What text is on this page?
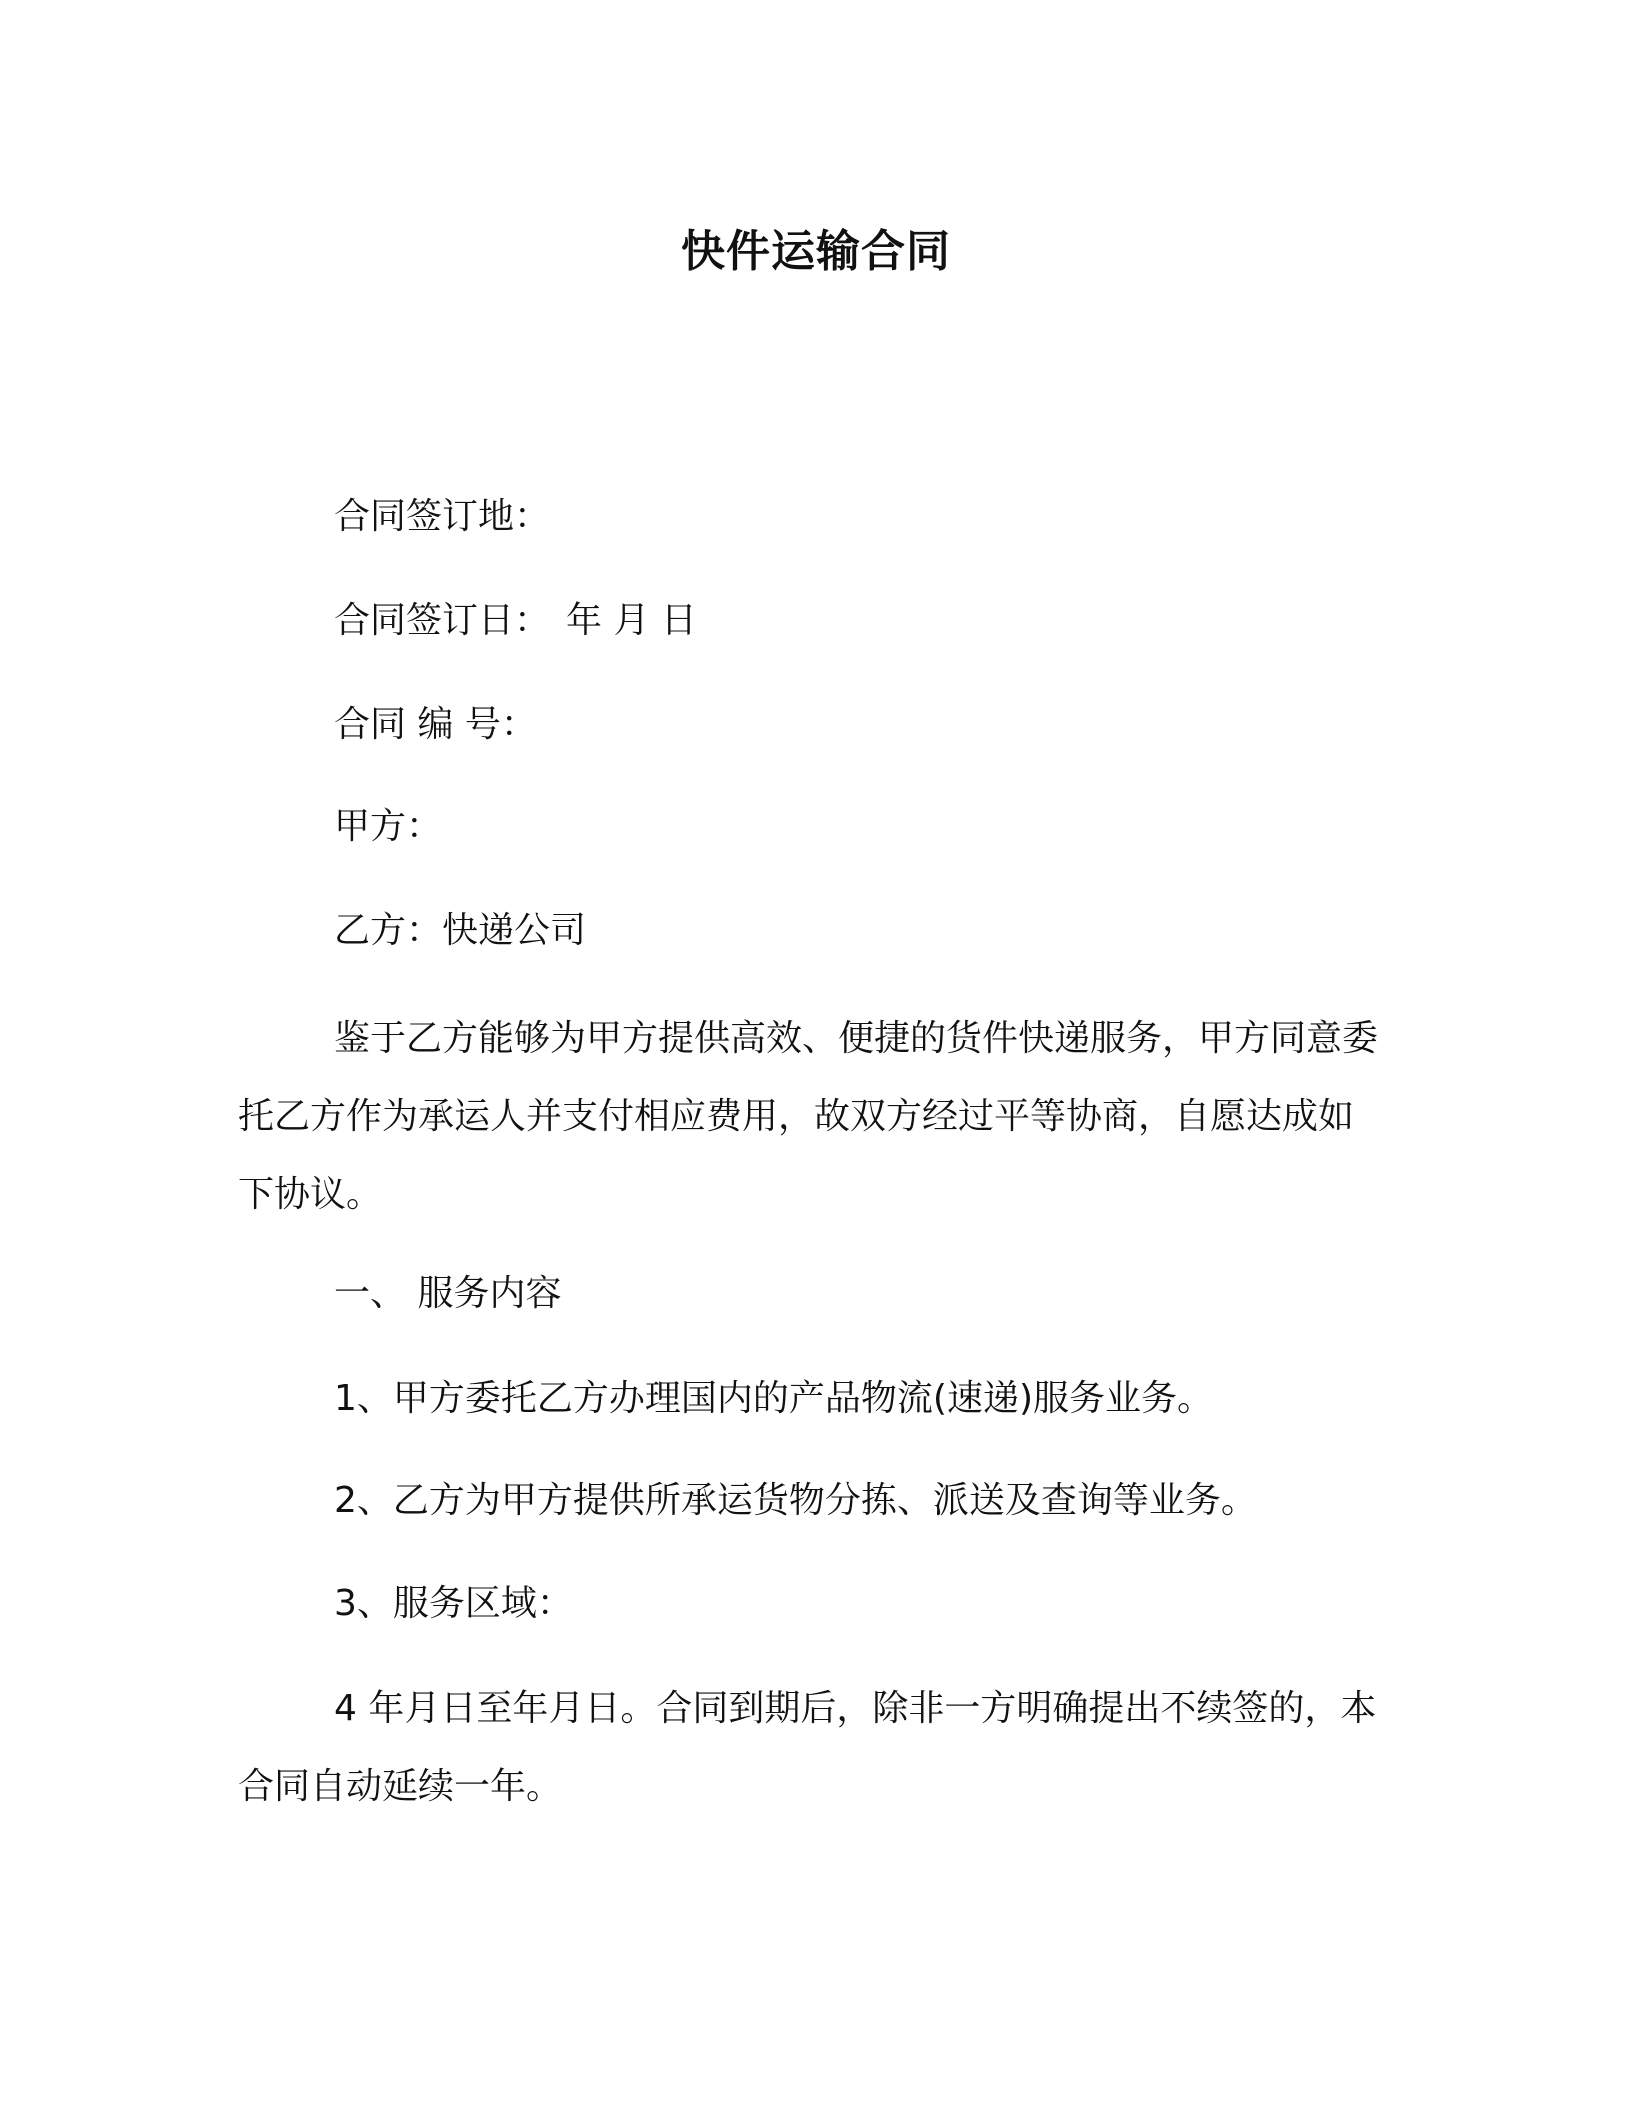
快件运输合同
合同签订地：
合同签订日： 年 月 日
合同 编 号：
甲方：
乙方：快递公司

鉴于乙方能够为甲方提供高效、便捷的货件快递服务，甲方同意委托乙方作为承运人并支付相应费用，故双方经过平等协商，自愿达成如下协议。

一、 服务内容
1、甲方委托乙方办理国内的产品物流(速递)服务业务。
2、乙方为甲方提供所承运货物分拣、派送及查询等业务。
3、服务区域：

4 年月日至年月日。合同到期后，除非一方明确提出不续签的，本合同自动延续一年。
